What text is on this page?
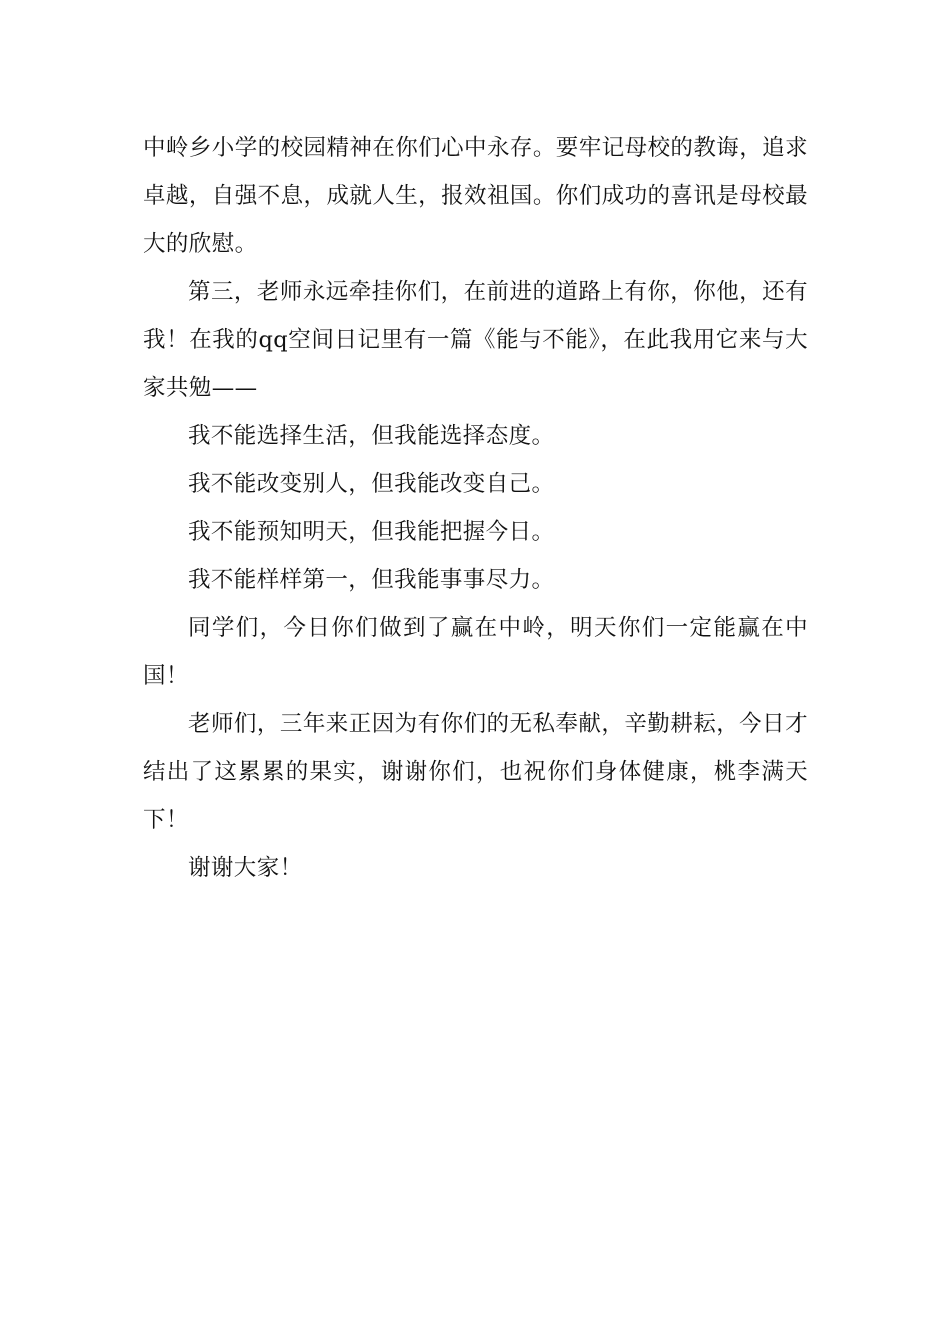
中岭乡小学的校园精神在你们心中永存。要牢记母校的教诲，追求卓越，自强不息，成就人生，报效祖国。你们成功的喜讯是母校最大的欣慰。

第三，老师永远牵挂你们，在前进的道路上有你，你他，还有我！在我的qq空间日记里有一篇《能与不能》，在此我用它来与大家共勉——

我不能选择生活，但我能选择态度。

我不能改变别人，但我能改变自己。

我不能预知明天，但我能把握今日。

我不能样样第一，但我能事事尽力。

同学们，今日你们做到了赢在中岭，明天你们一定能赢在中国！

老师们，三年来正因为有你们的无私奉献，辛勤耕耘，今日才结出了这累累的果实，谢谢你们，也祝你们身体健康，桃李满天下！

谢谢大家！
